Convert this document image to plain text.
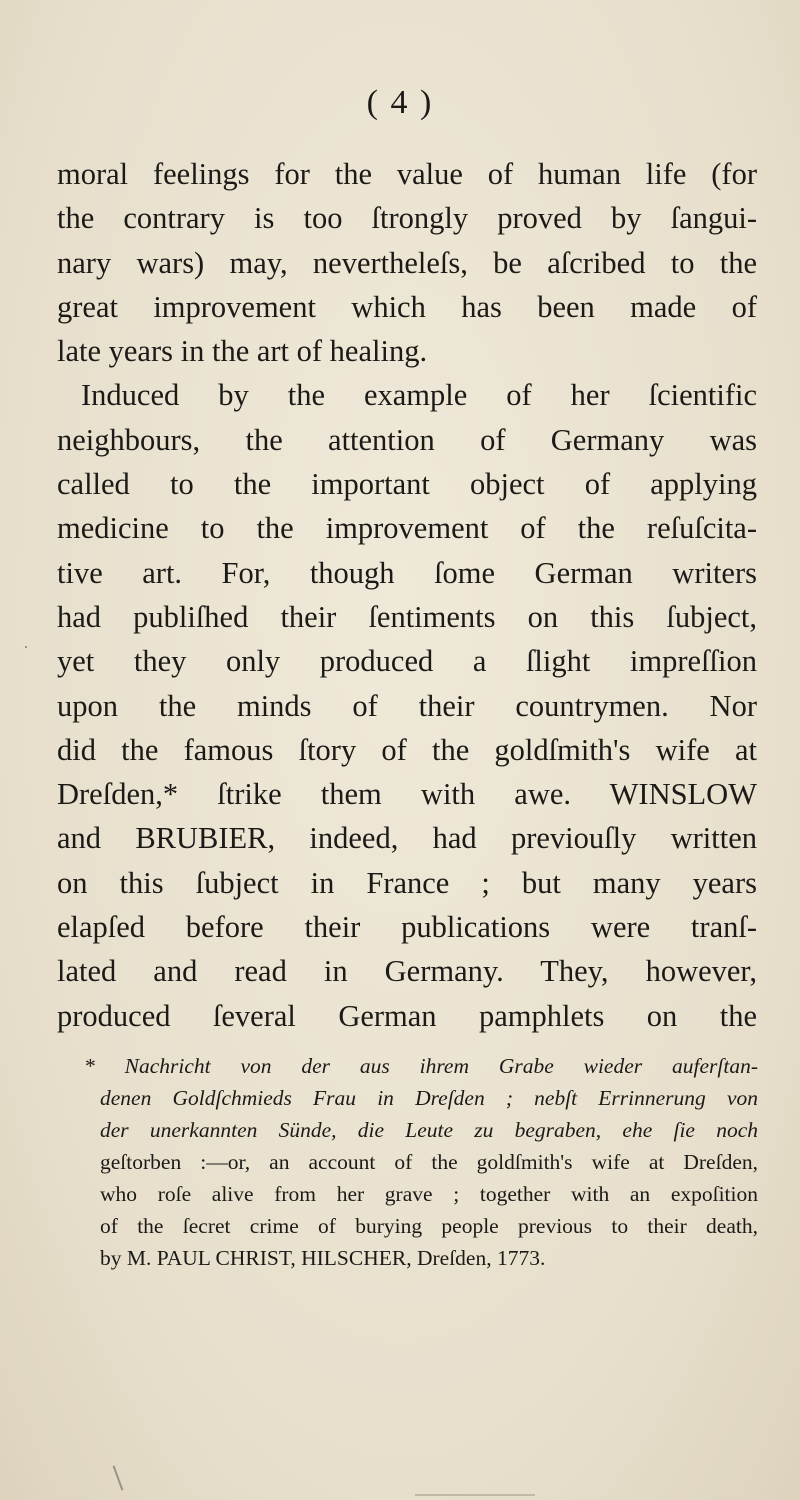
( 4 )
moral feelings for the value of human life (for
the contrary is too ſtrongly proved by ſangui-
nary wars) may, nevertheleſs, be aſcribed to the
great improvement which has been made of
late years in the art of healing.
Induced by the example of her ſcientific
neighbours, the attention of Germany was
called to the important object of applying
medicine to the improvement of the reſuſcita-
tive art. For, though ſome German writers
had publiſhed their ſentiments on this ſubject,
yet they only produced a ſlight impreſſion
upon the minds of their countrymen. Nor
did the famous ſtory of the goldſmith's wife at
Dreſden,* ſtrike them with awe. WINSLOW
and BRUBIER, indeed, had previouſly written
on this ſubject in France ; but many years
elapſed before their publications were tranſ-
lated and read in Germany. They, however,
produced ſeveral German pamphlets on the
* Nachricht von der aus ihrem Grabe wieder auferſtan-
denen Goldſchmieds Frau in Dreſden ; nebſt Errinnerung von
der unerkannten Sünde, die Leute zu begraben, ehe ſie noch
geſtorben :—or, an account of the goldſmith's wife at Dreſden,
who roſe alive from her grave ; together with an expoſition
of the ſecret crime of burying people previous to their death,
by M. PAUL CHRIST, HILSCHER, Dreſden, 1773.
